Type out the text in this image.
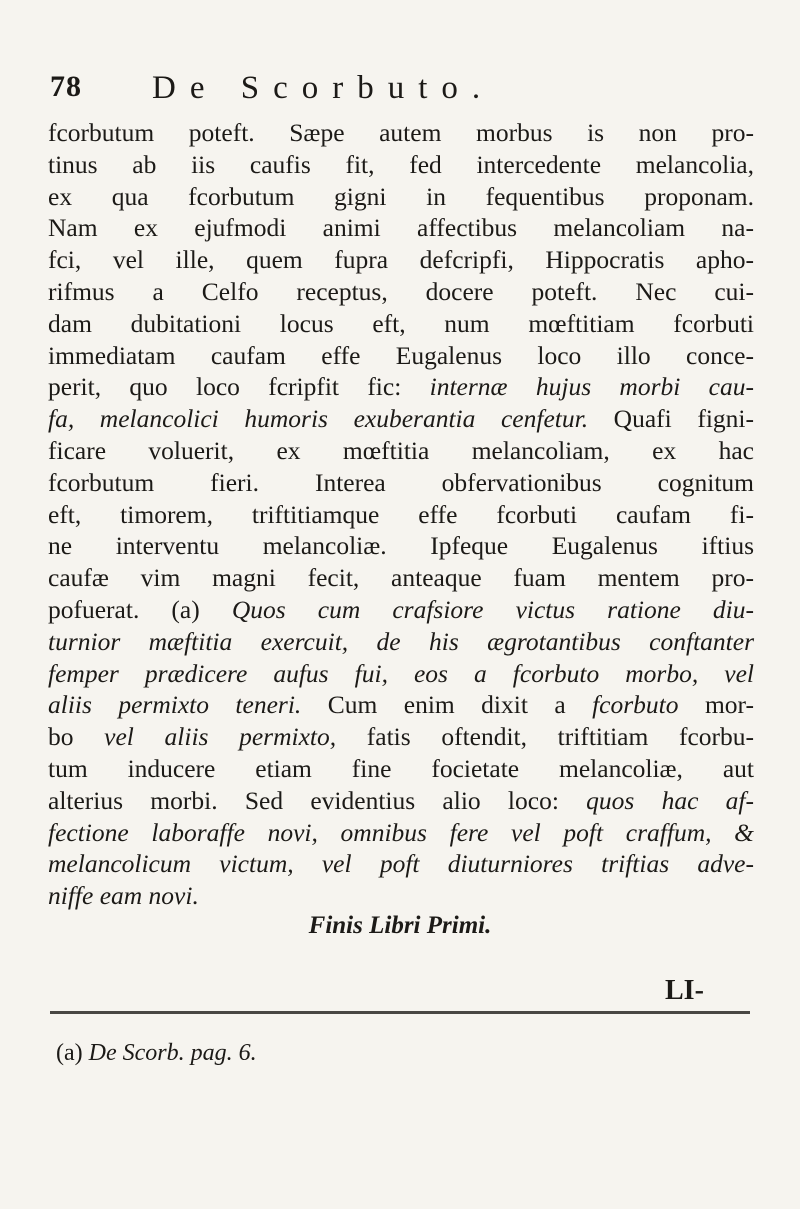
78 De Scorbuto.
fcorbutum poteft. Sæpe autem morbus is non pro-
tinus ab iis caufis fit, fed intercedente melancolia,
ex qua fcorbutum gigni in fequentibus proponam.
Nam ex ejufmodi animi affectibus melancoliam na-
fci, vel ille, quem fupra defcripfi, Hippocratis apho-
rifmus a Celfo receptus, docere poteft. Nec cui-
dam dubitationi locus eft, num mœftitiam fcorbuti
immediatam caufam effe Eugalenus loco illo conce-
perit, quo loco fcripfit fic: internæ hujus morbi cau-
fa, melancolici humoris exuberantia cenfetur. Quafi figni-
ficare voluerit, ex mœftitia melancoliam, ex hac
fcorbutum fieri. Interea obfervationibus cognitum
eft, timorem, triftitiamque effe fcorbuti caufam fi-
ne interventu melancoliæ. Ipfeque Eugalenus iftius
caufæ vim magni fecit, anteaque fuam mentem pro-
pofuerat. (a) Quos cum crafsiore victus ratione diu-
turnior mæftitia exercuit, de his ægrotantibus conftanter
femper prædicere aufus fui, eos a fcorbuto morbo, vel
aliis permixto teneri. Cum enim dixit a fcorbuto mor-
bo vel aliis permixto, fatis oftendit, triftitiam fcorbu-
tum inducere etiam fine focietate melancoliæ, aut
alterius morbi. Sed evidentius alio loco: quos hac af-
fectione laboraffe novi, omnibus fere vel poft craffum, &
melancolicum victum, vel poft diuturniores triftias adve-
niffe eam novi.
Finis Libri Primi.
LI-
(a) De Scorb. pag. 6.
